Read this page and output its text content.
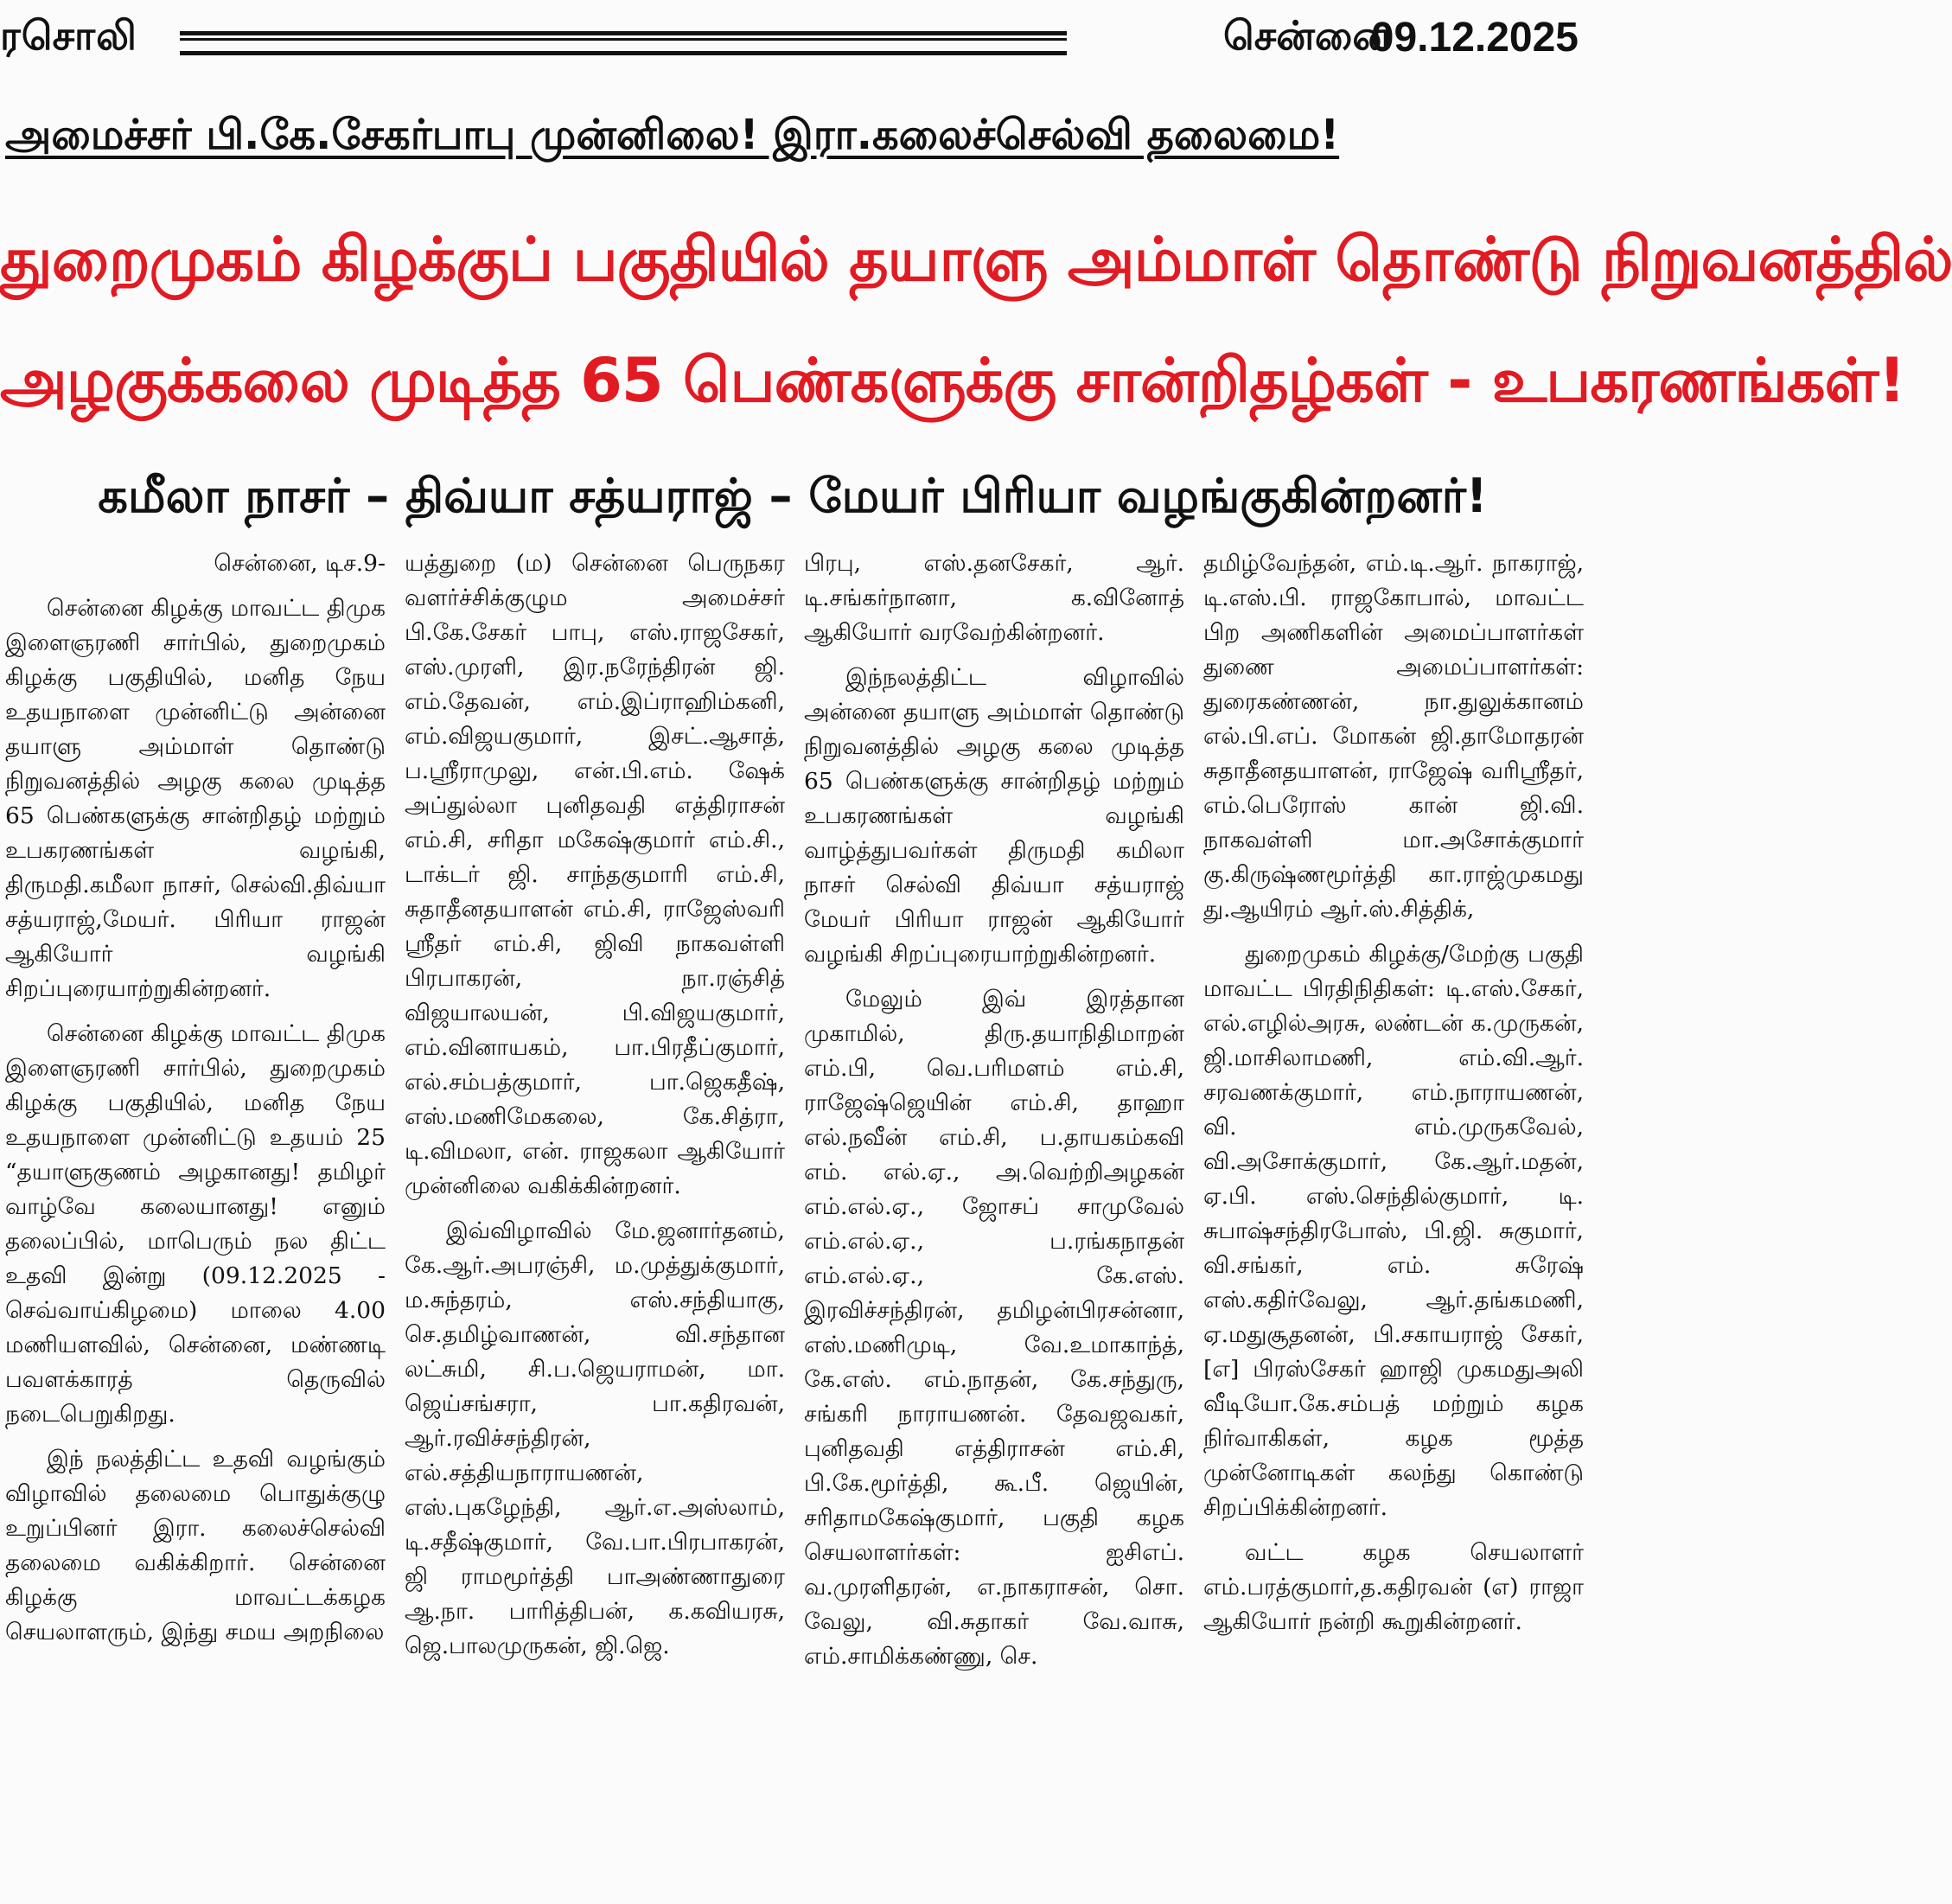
ரசொலி	சென்னை
09.12.2025
அமைச்சர் பி.கே.சேகர்பாபு முன்னிலை! இரா.கலைச்செல்வி தலைமை!
துறைமுகம் கிழக்குப் பகுதியில் தயாளு அம்மாள் தொண்டு நிறுவனத்தில்
அழகுக்கலை முடித்த 65 பெண்களுக்கு சான்றிதழ்கள் - உபகரணங்கள்!
கமீலா நாசர் – திவ்யா சத்யராஜ் – மேயர் பிரியா வழங்குகின்றனர்!

சென்னை, டிச.9-

சென்னை கிழக்கு மாவட்ட திமுக இளைஞரணி சார்பில், துறைமுகம் கிழக்கு பகுதியில், மனித நேய உதயநாளை முன்னிட்டு அன்னை தயாளு அம்மாள் தொண்டு நிறுவனத்தில் அழகு கலை முடித்த 65 பெண்களுக்கு சான்றிதழ் மற்றும் உபகரணங்கள் வழங்கி, திருமதி.கமீலா நாசர், செல்வி.திவ்யா சத்யராஜ்,மேயர். பிரியா ராஜன் ஆகியோர் வழங்கி சிறப்புரையாற்றுகின்றனர்.

சென்னை கிழக்கு மாவட்ட திமுக இளைஞரணி சார்பில், துறைமுகம் கிழக்கு பகுதியில், மனித நேய உதயநாளை முன்னிட்டு உதயம் 25 “தயாளுகுணம் அழகானது! தமிழர் வாழ்வே கலையானது! எனும் தலைப்பில், மாபெரும் நல திட்ட உதவி இன்று (09.12.2025 - செவ்வாய்கிழமை) மாலை 4.00 மணியளவில், சென்னை, மண்ணடி பவளக்காரத் தெருவில் நடைபெறுகிறது.

இந் நலத்திட்ட உதவி வழங்கும் விழாவில் தலைமை பொதுக்குழு உறுப்பினர் இரா. கலைச்செல்வி தலைமை வகிக்கிறார். சென்னை கிழக்கு மாவட்டக்கழக செயலாளரும், இந்து சமய அறநிலை

யத்துறை (ம) சென்னை பெருநகர வளர்ச்சிக்குழும அமைச்சர் பி.கே.சேகர் பாபு, எஸ்.ராஜசேகர், எஸ்.முரளி, இர.நரேந்திரன் ஜி. எம்.தேவன், எம்.இப்ராஹிம்கனி, எம்.விஜயகுமார், இசட்.ஆசாத், ப.ஸ்ரீராமுலு, என்.பி.எம். ஷேக் அப்துல்லா புனிதவதி எத்திராசன் எம்.சி, சரிதா மகேஷ்குமார் எம்.சி., டாக்டர் ஜி. சாந்தகுமாரி எம்.சி, சுதாதீனதயாளன் எம்.சி, ராஜேஸ்வரி ஸ்ரீதர் எம்.சி, ஜிவி நாகவள்ளி பிரபாகரன், நா.ரஞ்சித் விஜயாலயன், பி.விஜயகுமார், எம்.வினாயகம், பா.பிரதீப்குமார், எல்.சம்பத்குமார், பா.ஜெகதீஷ், எஸ்.மணிமேகலை, கே.சித்ரா, டி.விமலா, என். ராஜகலா ஆகியோர் முன்னிலை வகிக்கின்றனர்.

இவ்விழாவில் மே.ஜனார்தனம், கே.ஆர்.அபரஞ்சி, ம.முத்துக்குமார், ம.சுந்தரம், எஸ்.சந்தியாகு, செ.தமிழ்வாணன், வி.சந்தான லட்சுமி, சி.ப.ஜெயராமன், மா. ஜெய்சங்சரா, பா.கதிரவன், ஆர்.ரவிச்சந்திரன், எல்.சத்தியநாராயணன், எஸ்.புகழேந்தி, ஆர்.எ.அஸ்லாம், டி.சதீஷ்குமார், வே.பா.பிரபாகரன், ஜி ராமமூர்த்தி பாஅண்ணாதுரை ஆ.நா. பாரித்திபன், க.கவியரசு, ஜெ.பாலமுருகன், ஜி.ஜெ.

பிரபு, எஸ்.தனசேகர், ஆர். டி.சங்கர்நானா, க.வினோத் ஆகியோர் வரவேற்கின்றனர்.

இந்நலத்திட்ட விழாவில் அன்னை தயாளு அம்மாள் தொண்டு நிறுவனத்தில் அழகு கலை முடித்த 65 பெண்களுக்கு சான்றிதழ் மற்றும் உபகரணங்கள் வழங்கி வாழ்த்துபவர்கள் திருமதி கமிலா நாசர் செல்வி திவ்யா சத்யராஜ் மேயர் பிரியா ராஜன் ஆகியோர் வழங்கி சிறப்புரையாற்றுகின்றனர்.

மேலும் இவ் இரத்தான முகாமில், திரு.தயாநிதிமாறன் எம்.பி, வெ.பரிமளம் எம்.சி, ராஜேஷ்ஜெயின் எம்.சி, தாஹா எல்.நவீன் எம்.சி, ப.தாயகம்கவி எம். எல்.ஏ., அ.வெற்றிஅழகன் எம்.எல்.ஏ., ஜோசப் சாமுவேல் எம்.எல்.ஏ., ப.ரங்கநாதன் எம்.எல்.ஏ., கே.எஸ். இரவிச்சந்திரன், தமிழன்பிரசன்னா, எஸ்.மணிமுடி, வே.உமாகாந்த், கே.எஸ். எம்.நாதன், கே.சந்துரு, சங்கரி நாராயணன். தேவஜவகர், புனிதவதி எத்திராசன் எம்.சி, பி.கே.மூர்த்தி, கூ.பீ. ஜெயின், சரிதாமகேஷ்குமார், பகுதி கழக செயலாளர்கள்: ஐசிஎப். வ.முரளிதரன், எ.நாகராசன், சொ. வேலு, வி.சுதாகர் வே.வாசு, எம்.சாமிக்கண்ணு, செ.

தமிழ்வேந்தன், எம்.டி.ஆர். நாகராஜ், டி.எஸ்.பி. ராஜகோபால், மாவட்ட பிற அணிகளின் அமைப்பாளர்கள் துணை அமைப்பாளர்கள்: துரைகண்ணன், நா.துலுக்கானம் எல்.பி.எப். மோகன் ஜி.தாமோதரன் சுதாதீனதயாளன், ராஜேஷ் வரிஸ்ரீதர், எம்.பெரோஸ் கான் ஜி.வி. நாகவள்ளி மா.அசோக்குமார் கு.கிருஷ்ணமூர்த்தி கா.ராஜ்முகமது து.ஆயிரம் ஆர்.ஸ்.சித்திக்,

துறைமுகம் கிழக்கு/மேற்கு பகுதி மாவட்ட பிரதிநிதிகள்: டி.எஸ்.சேகர், எல்.எழில்அரசு, லண்டன் க.முருகன், ஜி.மாசிலாமணி, எம்.வி.ஆர். சரவணக்குமார், எம்.நாராயணன், வி. எம்.முருகவேல், வி.அசோக்குமார், கே.ஆர்.மதன், ஏ.பி. எஸ்.செந்தில்குமார், டி. சுபாஷ்சந்திரபோஸ், பி.ஜி. சுகுமார், வி.சங்கர், எம். சுரேஷ் எஸ்.கதிர்வேலு, ஆர்.தங்கமணி, ஏ.மதுசூதனன், பி.சகாயராஜ் சேகர், [எ] பிரஸ்சேகர் ஹாஜி முகமதுஅலி வீடியோ.கே.சம்பத் மற்றும் கழக நிர்வாகிகள், கழக மூத்த முன்னோடிகள் கலந்து கொண்டு சிறப்பிக்கின்றனர்.

வட்ட கழக செயலாளர் எம்.பரத்குமார்,த.கதிரவன் (எ) ராஜா ஆகியோர் நன்றி கூறுகின்றனர்.
